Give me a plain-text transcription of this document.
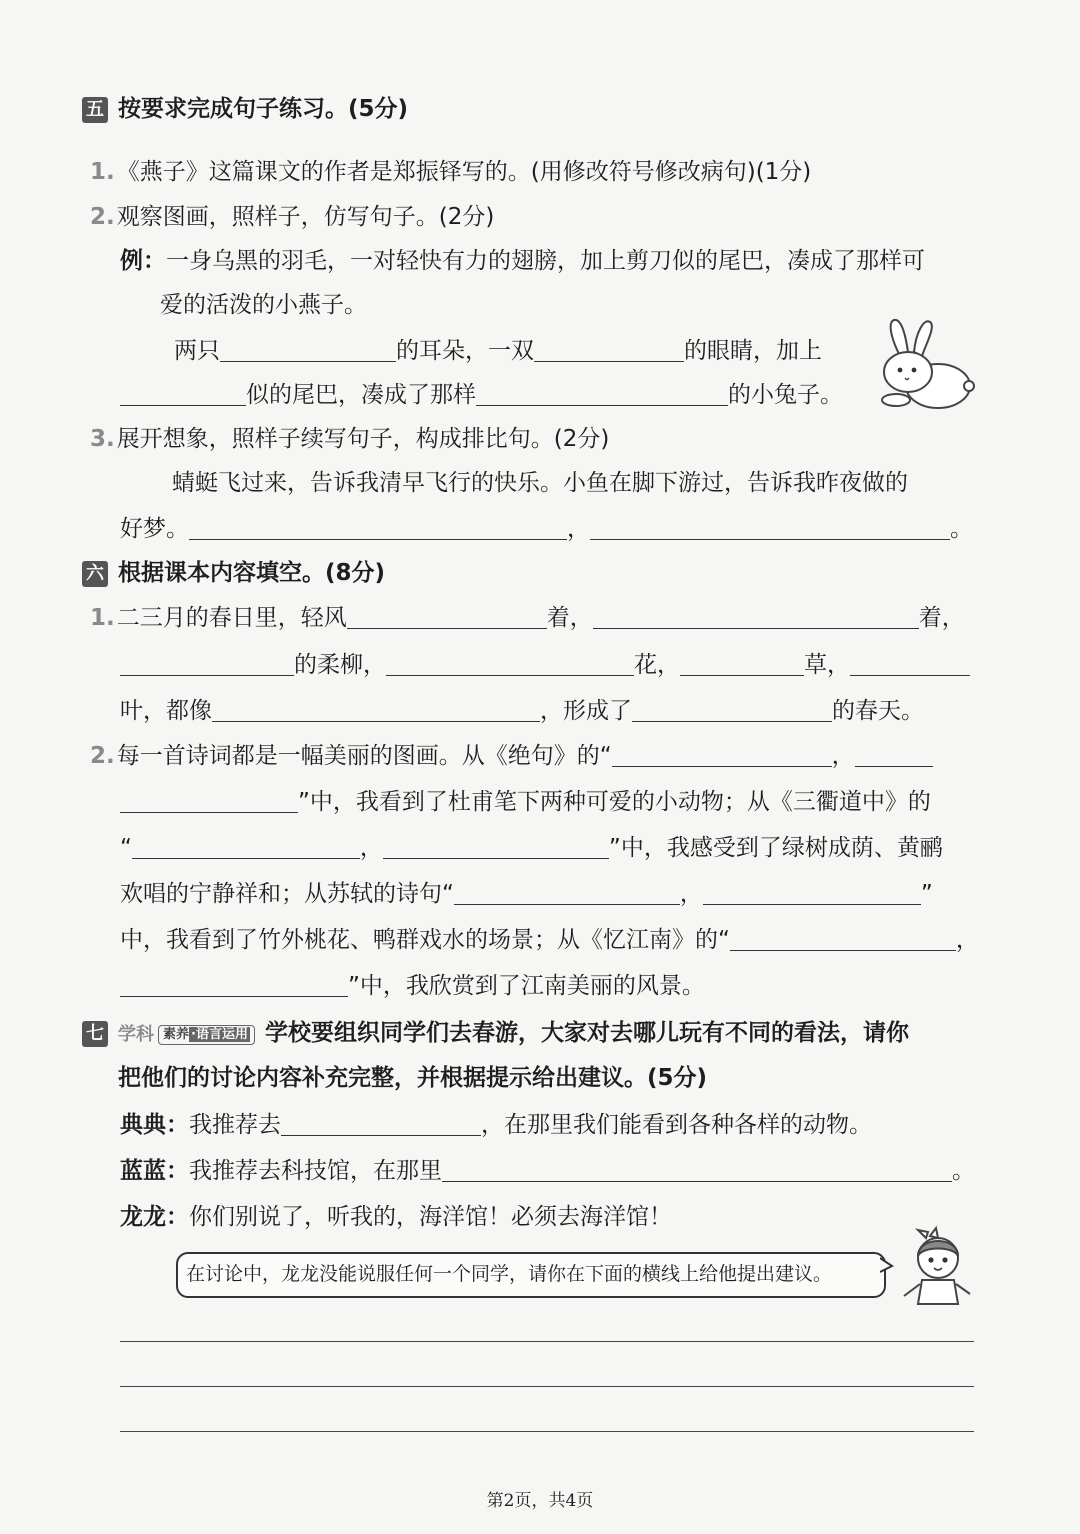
五 按要求完成句子练习。(5分)
1.《燕子》这篇课文的作者是郑振铎写的。(用修改符号修改病句)(1分)
2.观察图画，照样子，仿写句子。(2分)
例：一身乌黑的羽毛，一对轻快有力的翅膀，加上剪刀似的尾巴，凑成了那样可
爱的活泼的小燕子。
两只	的耳朵，一双	的眼睛，加上
似的尾巴，凑成了那样	的小兔子。
3.展开想象，照样子续写句子，构成排比句。(2分)
蜻蜓飞过来，告诉我清早飞行的快乐。小鱼在脚下游过，告诉我昨夜做的
好梦。	，	。
六 根据课本内容填空。(8分)
1.二三月的春日里，轻风	着，	着，
的柔柳，	花，	草，
叶，都像	，形成了	的春天。
2.每一首诗词都是一幅美丽的图画。从《绝句》的“	，
”中，我看到了杜甫笔下两种可爱的小动物；从《三衢道中》的
“	，	”中，我感受到了绿树成荫、黄鹂
欢唱的宁静祥和；从苏轼的诗句“	，	”
中，我看到了竹外桃花、鸭群戏水的场景；从《忆江南》的“	，
”中，我欣赏到了江南美丽的风景。
七 学科 素养 ·语言运用 学校要组织同学们去春游，大家对去哪儿玩有不同的看法，请你
把他们的讨论内容补充完整，并根据提示给出建议。(5分)
典典：我推荐去	，在那里我们能看到各种各样的动物。
蓝蓝：我推荐去科技馆，在那里	。
龙龙：你们别说了，听我的，海洋馆！必须去海洋馆！
在讨论中，龙龙没能说服任何一个同学，请你在下面的横线上给他提出建议。
第2页，共4页
